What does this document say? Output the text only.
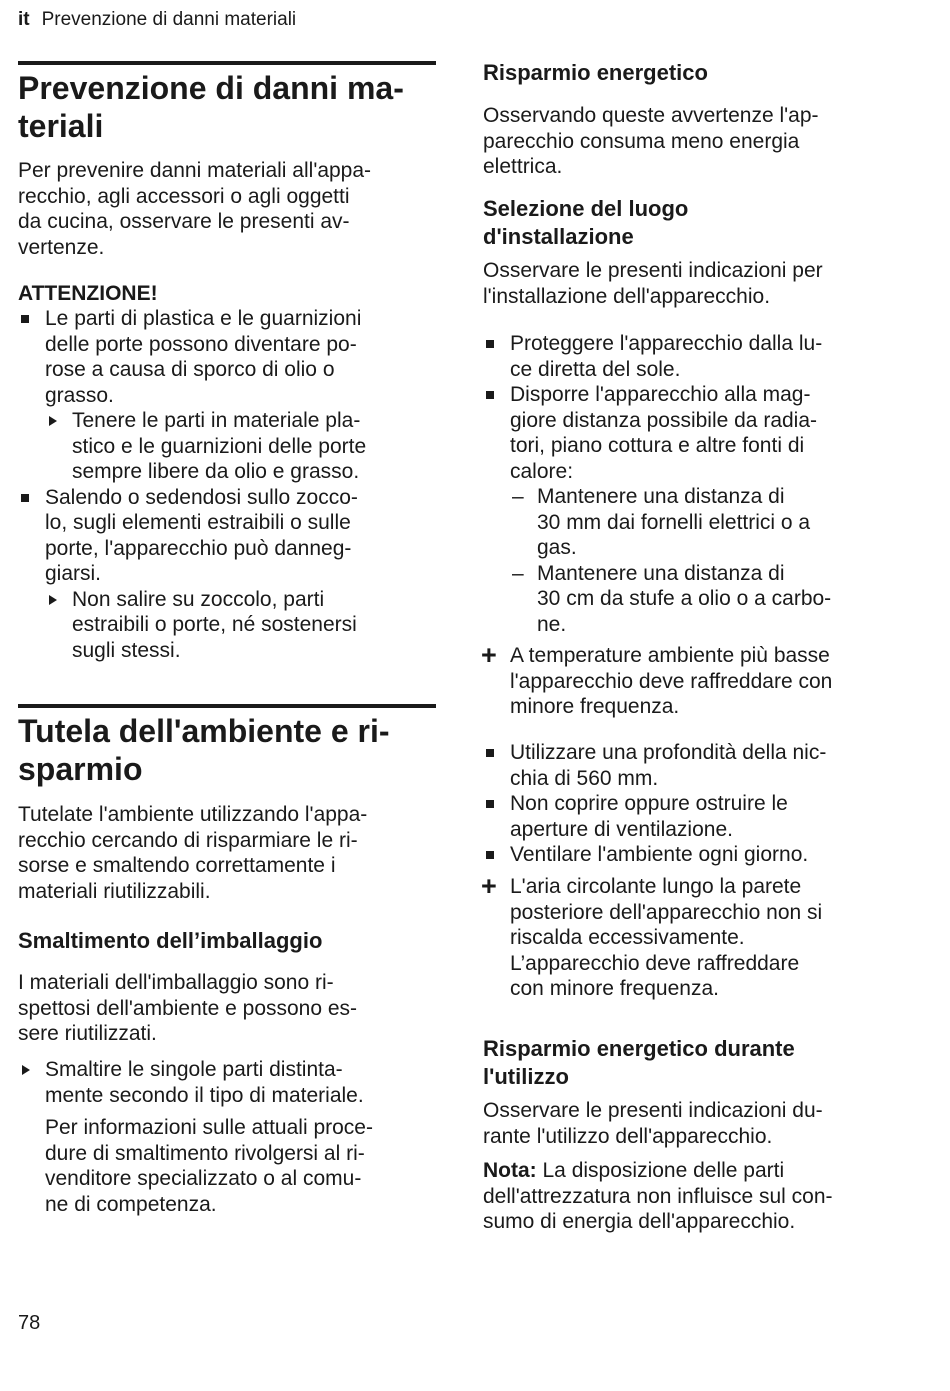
it Prevenzione di danni materiali
Prevenzione di danni ma-
teriali

Per prevenire danni materiali all'appa-
recchio, agli accessori o agli oggetti
da cucina, osservare le presenti av-
vertenze.

ATTENZIONE!
Le parti di plastica e le guarnizioni
delle porte possono diventare po-
rose a causa di sporco di olio o
grasso.
Tenere le parti in materiale pla-
stico e le guarnizioni delle porte
sempre libere da olio e grasso.
Salendo o sedendosi sullo zocco-
lo, sugli elementi estraibili o sulle
porte, l'apparecchio può danneg-
giarsi.
Non salire su zoccolo, parti
estraibili o porte, né sostenersi
sugli stessi.
Tutela dell'ambiente e ri-
sparmio

Tutelate l'ambiente utilizzando l'appa-
recchio cercando di risparmiare le ri-
sorse e smaltendo correttamente i
materiali riutilizzabili.

Smaltimento dell’imballaggio

I materiali dell'imballaggio sono ri-
spettosi dell'ambiente e possono es-
sere riutilizzati.

Smaltire le singole parti distinta-
mente secondo il tipo di materiale.

Per informazioni sulle attuali proce-
dure di smaltimento rivolgersi al ri-
venditore specializzato o al comu-
ne di competenza.

Risparmio energetico

Osservando queste avvertenze l'ap-
parecchio consuma meno energia
elettrica.

Selezione del luogo
d'installazione

Osservare le presenti indicazioni per
l'installazione dell'apparecchio.

Proteggere l'apparecchio dalla lu-
ce diretta del sole.
Disporre l'apparecchio alla mag-
giore distanza possibile da radia-
tori, piano cottura e altre fonti di
calore:
– Mantenere una distanza di
30 mm dai fornelli elettrici o a
gas.
– Mantenere una distanza di
30 cm da stufe a olio o a carbo-
ne.
+ A temperature ambiente più basse
l'apparecchio deve raffreddare con
minore frequenza.
Utilizzare una profondità della nic-
chia di 560 mm.
Non coprire oppure ostruire le
aperture di ventilazione.
Ventilare l'ambiente ogni giorno.
+ L'aria circolante lungo la parete
posteriore dell'apparecchio non si
riscalda eccessivamente.
L’apparecchio deve raffreddare
con minore frequenza.
Risparmio energetico durante
l'utilizzo

Osservare le presenti indicazioni du-
rante l'utilizzo dell'apparecchio.

Nota: La disposizione delle parti
dell'attrezzatura non influisce sul con-
sumo di energia dell'apparecchio.

78
